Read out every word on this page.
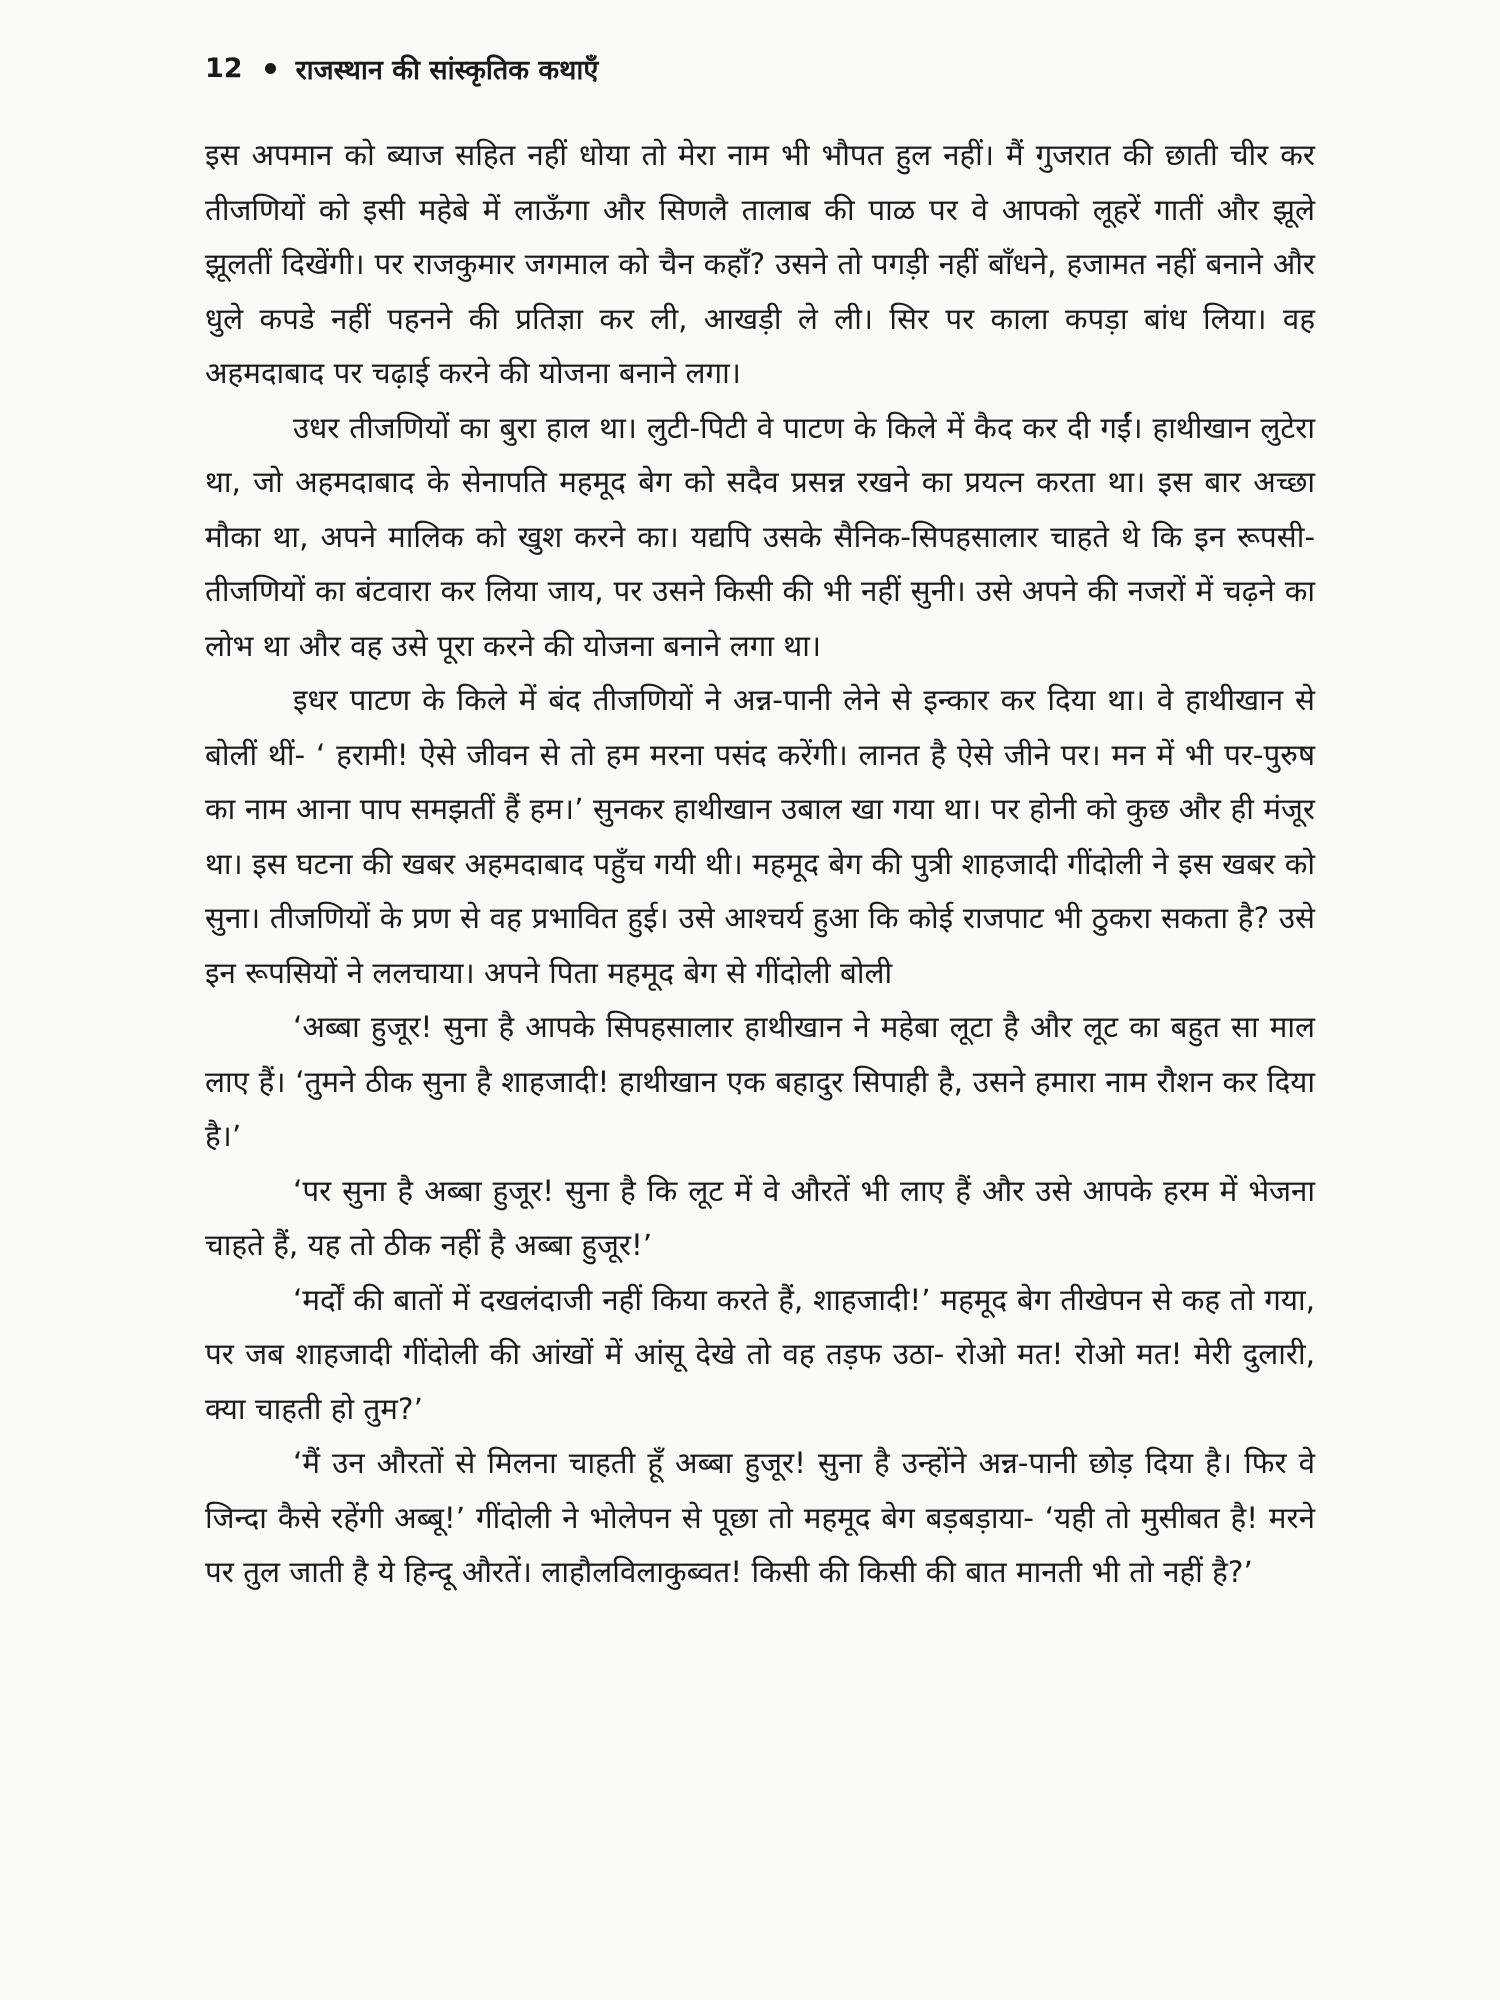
12 राजस्थान की सांस्कृतिक कथाएँ

इस अपमान को ब्याज सहित नहीं धोया तो मेरा नाम भी भौपत हुल नहीं। मैं गुजरात की छाती चीर कर तीजणियों को इसी महेबे में लाऊँगा और सिणलै तालाब की पाळ पर वे आपको लूहरें गातीं और झूले झूलतीं दिखेंगी। पर राजकुमार जगमाल को चैन कहाँ? उसने तो पगड़ी नहीं बाँधने, हजामत नहीं बनाने और धुले कपडे नहीं पहनने की प्रतिज्ञा कर ली, आखड़ी ले ली। सिर पर काला कपड़ा बांध लिया। वह अहमदाबाद पर चढ़ाई करने की योजना बनाने लगा।

उधर तीजणियों का बुरा हाल था। लुटी-पिटी वे पाटण के किले में कैद कर दी गईं। हाथीखान लुटेरा था, जो अहमदाबाद के सेनापति महमूद बेग को सदैव प्रसन्न रखने का प्रयत्न करता था। इस बार अच्छा मौका था, अपने मालिक को खुश करने का। यद्यपि उसके सैनिक-सिपहसालार चाहते थे कि इन रूपसी-तीजणियों का बंटवारा कर लिया जाय, पर उसने किसी की भी नहीं सुनी। उसे अपने की नजरों में चढ़ने का लोभ था और वह उसे पूरा करने की योजना बनाने लगा था।

इधर पाटण के किले में बंद तीजणियों ने अन्न-पानी लेने से इन्कार कर दिया था। वे हाथीखान से बोलीं थीं- ‘ हरामी! ऐसे जीवन से तो हम मरना पसंद करेंगी। लानत है ऐसे जीने पर। मन में भी पर-पुरुष का नाम आना पाप समझतीं हैं हम।’ सुनकर हाथीखान उबाल खा गया था। पर होनी को कुछ और ही मंजूर था। इस घटना की खबर अहमदाबाद पहुँच गयी थी। महमूद बेग की पुत्री शाहजादी गींदोली ने इस खबर को सुना। तीजणियों के प्रण से वह प्रभावित हुई। उसे आश्चर्य हुआ कि कोई राजपाट भी ठुकरा सकता है? उसे इन रूपसियों ने ललचाया। अपने पिता महमूद बेग से गींदोली बोली

‘अब्बा हुजूर! सुना है आपके सिपहसालार हाथीखान ने महेबा लूटा है और लूट का बहुत सा माल लाए हैं। ‘तुमने ठीक सुना है शाहजादी! हाथीखान एक बहादुर सिपाही है, उसने हमारा नाम रौशन कर दिया है।’

‘पर सुना है अब्बा हुजूर! सुना है कि लूट में वे औरतें भी लाए हैं और उसे आपके हरम में भेजना चाहते हैं, यह तो ठीक नहीं है अब्बा हुजूर!’

‘मर्दों की बातों में दखलंदाजी नहीं किया करते हैं, शाहजादी!’ महमूद बेग तीखेपन से कह तो गया, पर जब शाहजादी गींदोली की आंखों में आंसू देखे तो वह तड़फ उठा- रोओ मत! रोओ मत! मेरी दुलारी, क्या चाहती हो तुम?’

‘मैं उन औरतों से मिलना चाहती हूँ अब्बा हुजूर! सुना है उन्होंने अन्न-पानी छोड़ दिया है। फिर वे जिन्दा कैसे रहेंगी अब्बू!’ गींदोली ने भोलेपन से पूछा तो महमूद बेग बड़बड़ाया- ‘यही तो मुसीबत है! मरने पर तुल जाती है ये हिन्दू औरतें। लाहौलविलाकुब्वत! किसी की किसी की बात मानती भी तो नहीं है?’
